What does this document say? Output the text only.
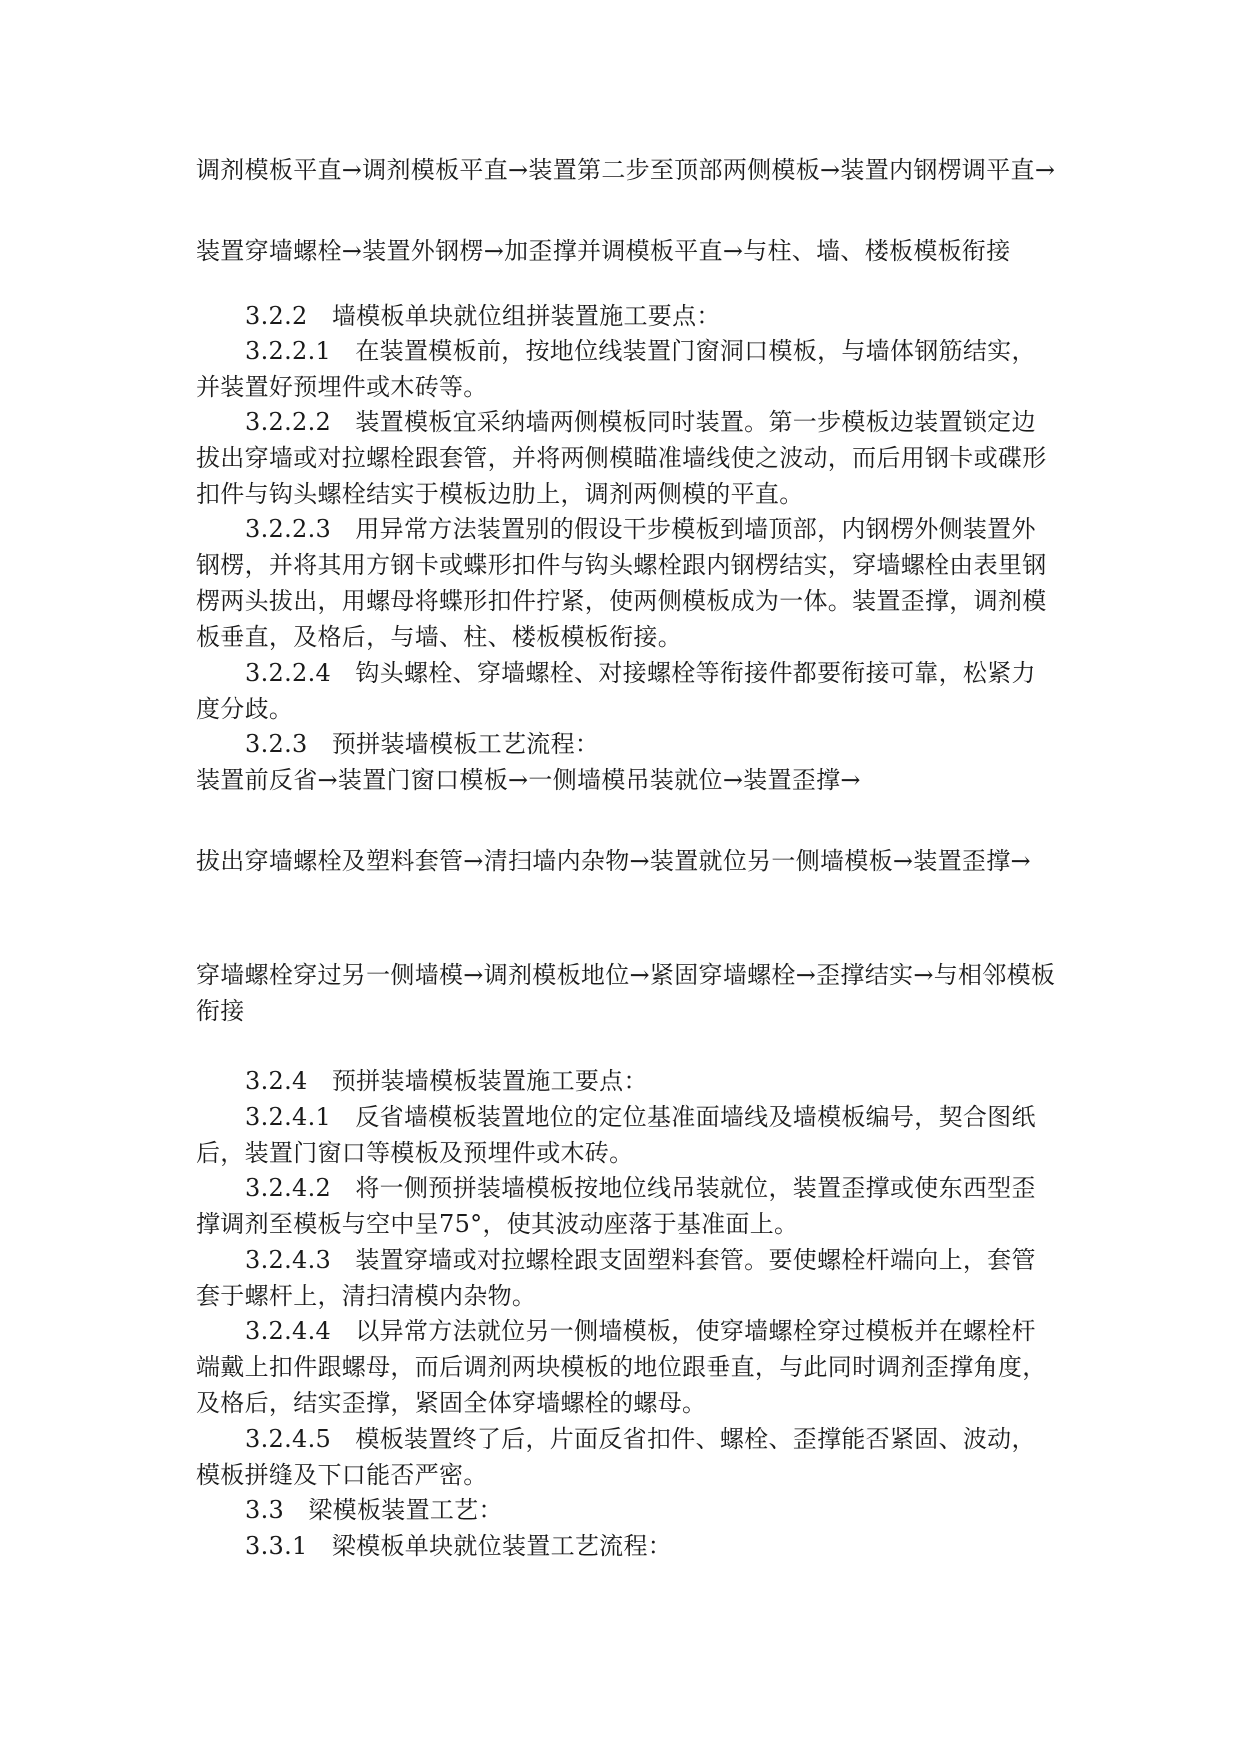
调剂模板平直→调剂模板平直→装置第二步至顶部两侧模板→装置内钢楞调平直→

装置穿墙螺栓→装置外钢楞→加歪撑并调模板平直→与柱、墙、楼板模板衔接

3.2.2　墙模板单块就位组拼装置施工要点：

3.2.2.1　在装置模板前，按地位线装置门窗洞口模板，与墙体钢筋结实，并装置好预埋件或木砖等。

3.2.2.2　装置模板宜采纳墙两侧模板同时装置。第一步模板边装置锁定边拔出穿墙或对拉螺栓跟套管，并将两侧模瞄准墙线使之波动，而后用钢卡或碟形扣件与钩头螺栓结实于模板边肋上，调剂两侧模的平直。

3.2.2.3　用异常方法装置别的假设干步模板到墙顶部，内钢楞外侧装置外钢楞，并将其用方钢卡或蝶形扣件与钩头螺栓跟内钢楞结实，穿墙螺栓由表里钢楞两头拔出，用螺母将蝶形扣件拧紧，使两侧模板成为一体。装置歪撑，调剂模板垂直，及格后，与墙、柱、楼板模板衔接。

3.2.2.4　钩头螺栓、穿墙螺栓、对接螺栓等衔接件都要衔接可靠，松紧力度分歧。

3.2.3　预拼装墙模板工艺流程：

装置前反省→装置门窗口模板→一侧墙模吊装就位→装置歪撑→

拔出穿墙螺栓及塑料套管→清扫墙内杂物→装置就位另一侧墙模板→装置歪撑→

穿墙螺栓穿过另一侧墙模→调剂模板地位→紧固穿墙螺栓→歪撑结实→与相邻模板衔接

3.2.4　预拼装墙模板装置施工要点：

3.2.4.1　反省墙模板装置地位的定位基准面墙线及墙模板编号，契合图纸后，装置门窗口等模板及预埋件或木砖。

3.2.4.2　将一侧预拼装墙模板按地位线吊装就位，装置歪撑或使东西型歪撑调剂至模板与空中呈75°，使其波动座落于基准面上。

3.2.4.3　装置穿墙或对拉螺栓跟支固塑料套管。要使螺栓杆端向上，套管套于螺杆上，清扫清模内杂物。

3.2.4.4　以异常方法就位另一侧墙模板，使穿墙螺栓穿过模板并在螺栓杆端戴上扣件跟螺母，而后调剂两块模板的地位跟垂直，与此同时调剂歪撑角度，及格后，结实歪撑，紧固全体穿墙螺栓的螺母。

3.2.4.5　模板装置终了后，片面反省扣件、螺栓、歪撑能否紧固、波动，模板拼缝及下口能否严密。

3.3　梁模板装置工艺：

3.3.1　梁模板单块就位装置工艺流程：
